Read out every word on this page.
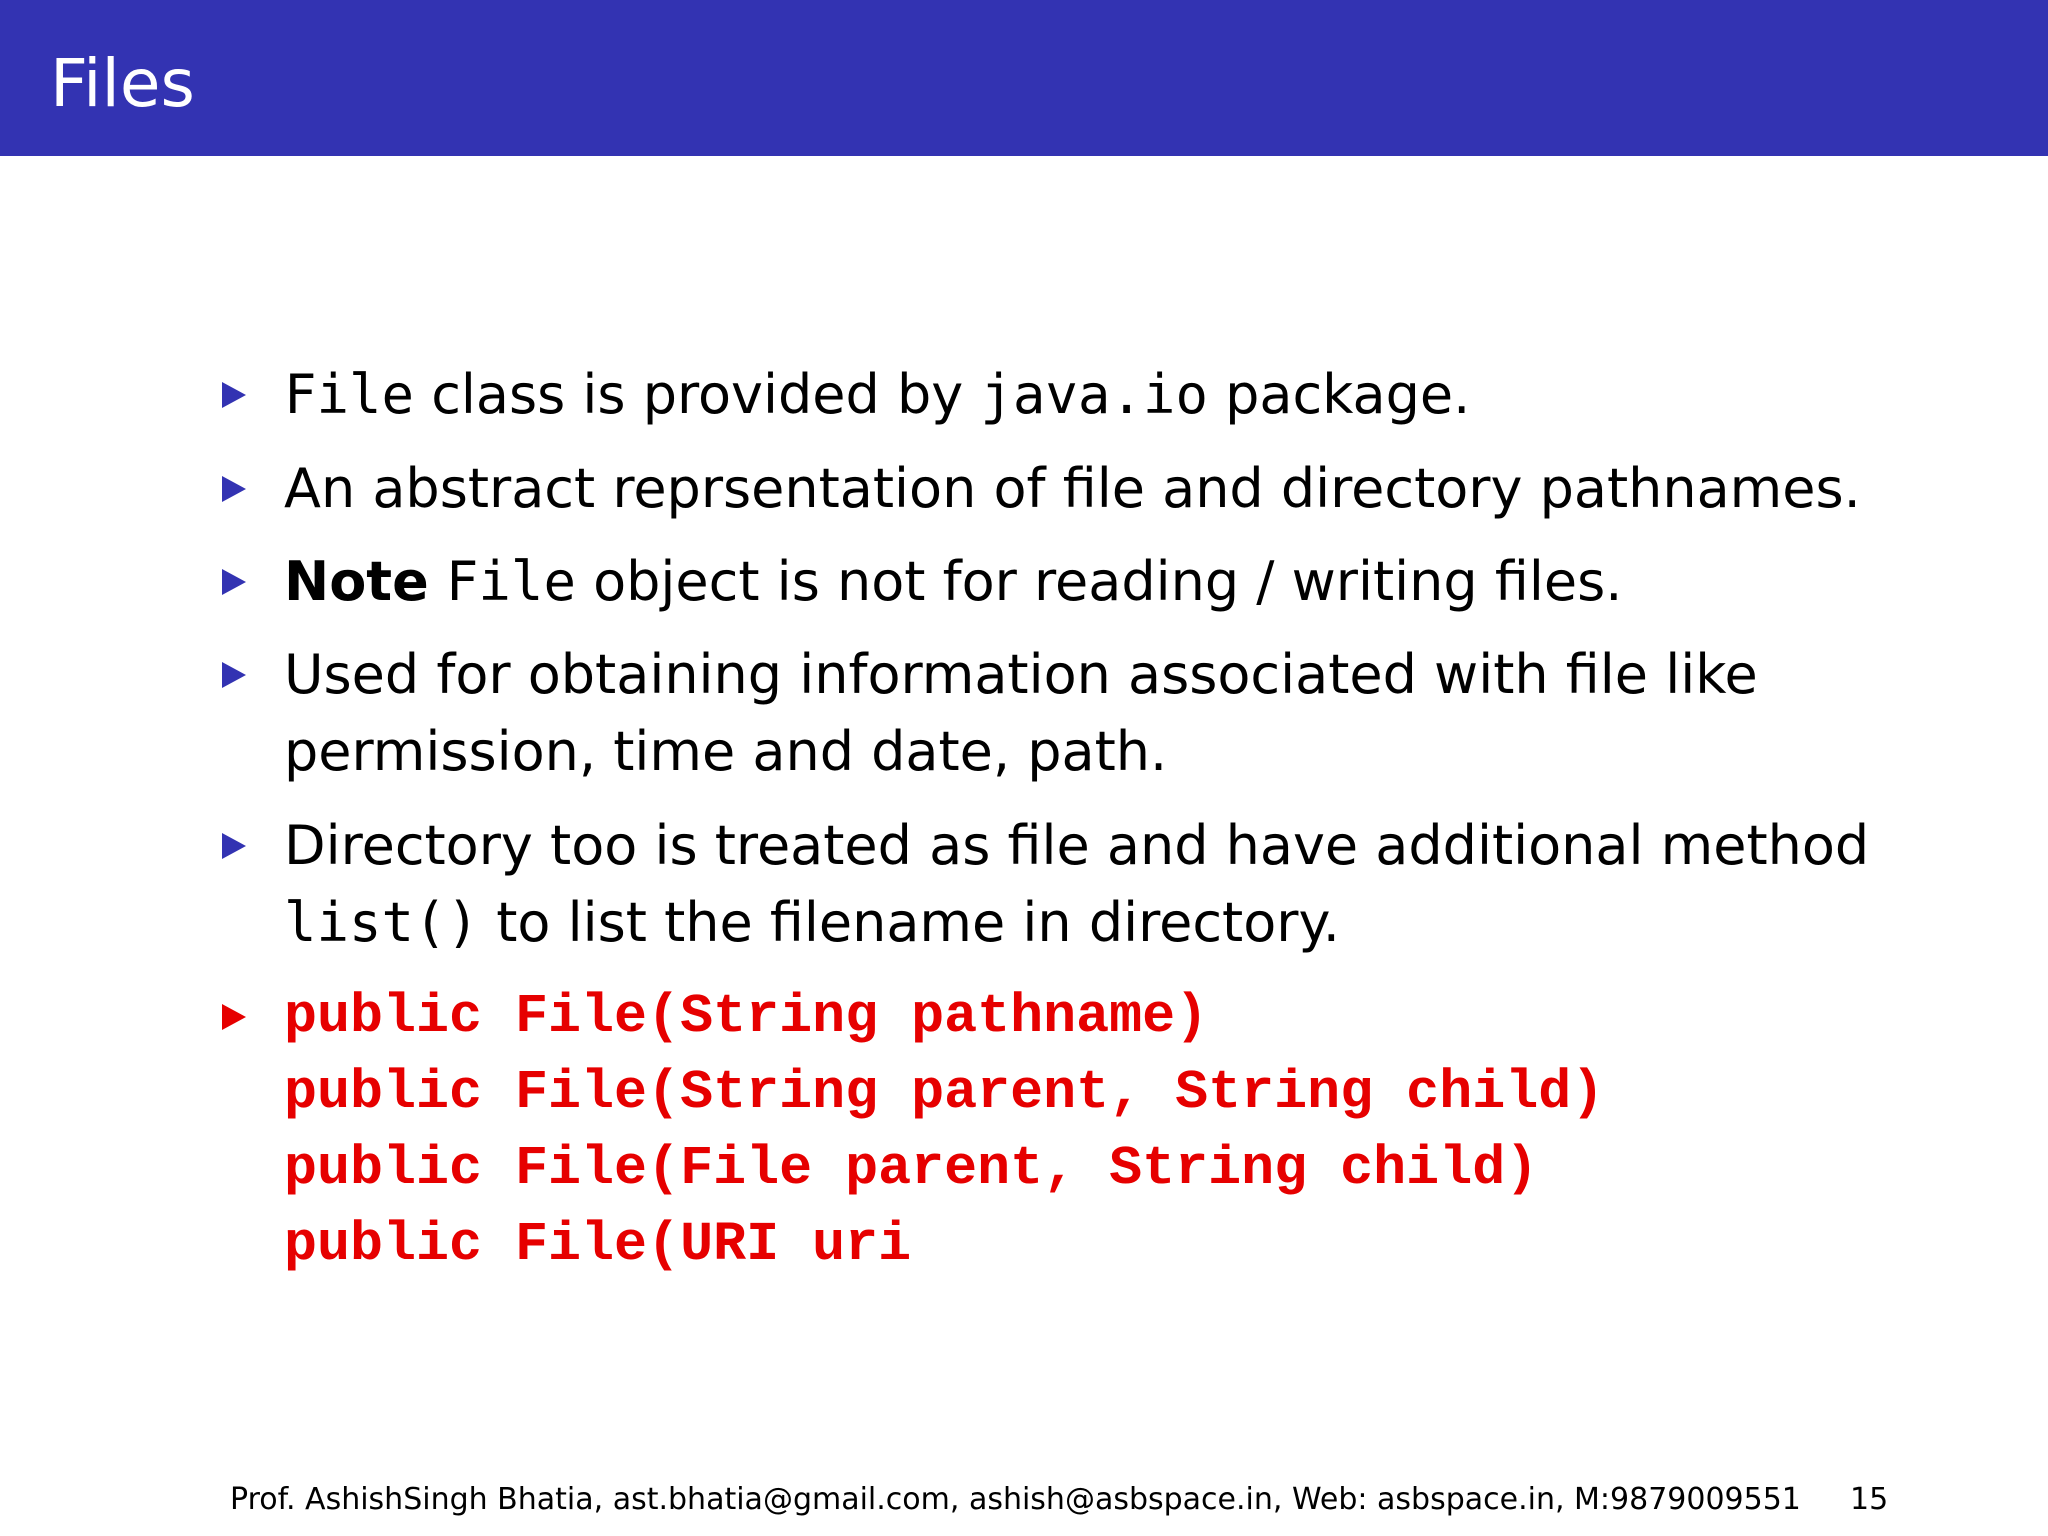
Files
File class is provided by java.io package.
An abstract reprsentation of file and directory pathnames.
Note File object is not for reading / writing files.
Used for obtaining information associated with file like
permission, time and date, path.
Directory too is treated as file and have additional method
list() to list the filename in directory.
public File(String pathname)
public File(String parent, String child)
public File(File parent, String child)
public File(URI uri
Prof. AshishSingh Bhatia, ast.bhatia@gmail.com, ashish@asbspace.in, Web: asbspace.in, M:9879009551 15
